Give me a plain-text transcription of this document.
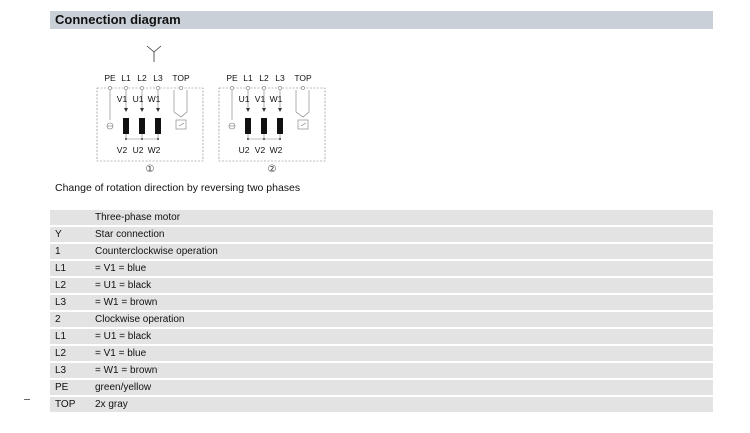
Connection diagram
PE L1 L2 L3 TOP
V1
V2
U1
U2
W1
W2
①
PE L1 L2 L3 TOP
U1
U2
V1
V2
W1
W2
②
Change of rotation direction by reversing two phases
	Three-phase motor
Y	Star connection
1	Counterclockwise operation
L1	= V1 = blue
L2	= U1 = black
L3	= W1 = brown
2	Clockwise operation
L1	= U1 = black
L2	= V1 = blue
L3	= W1 = brown
PE	green/yellow
TOP	2x gray
